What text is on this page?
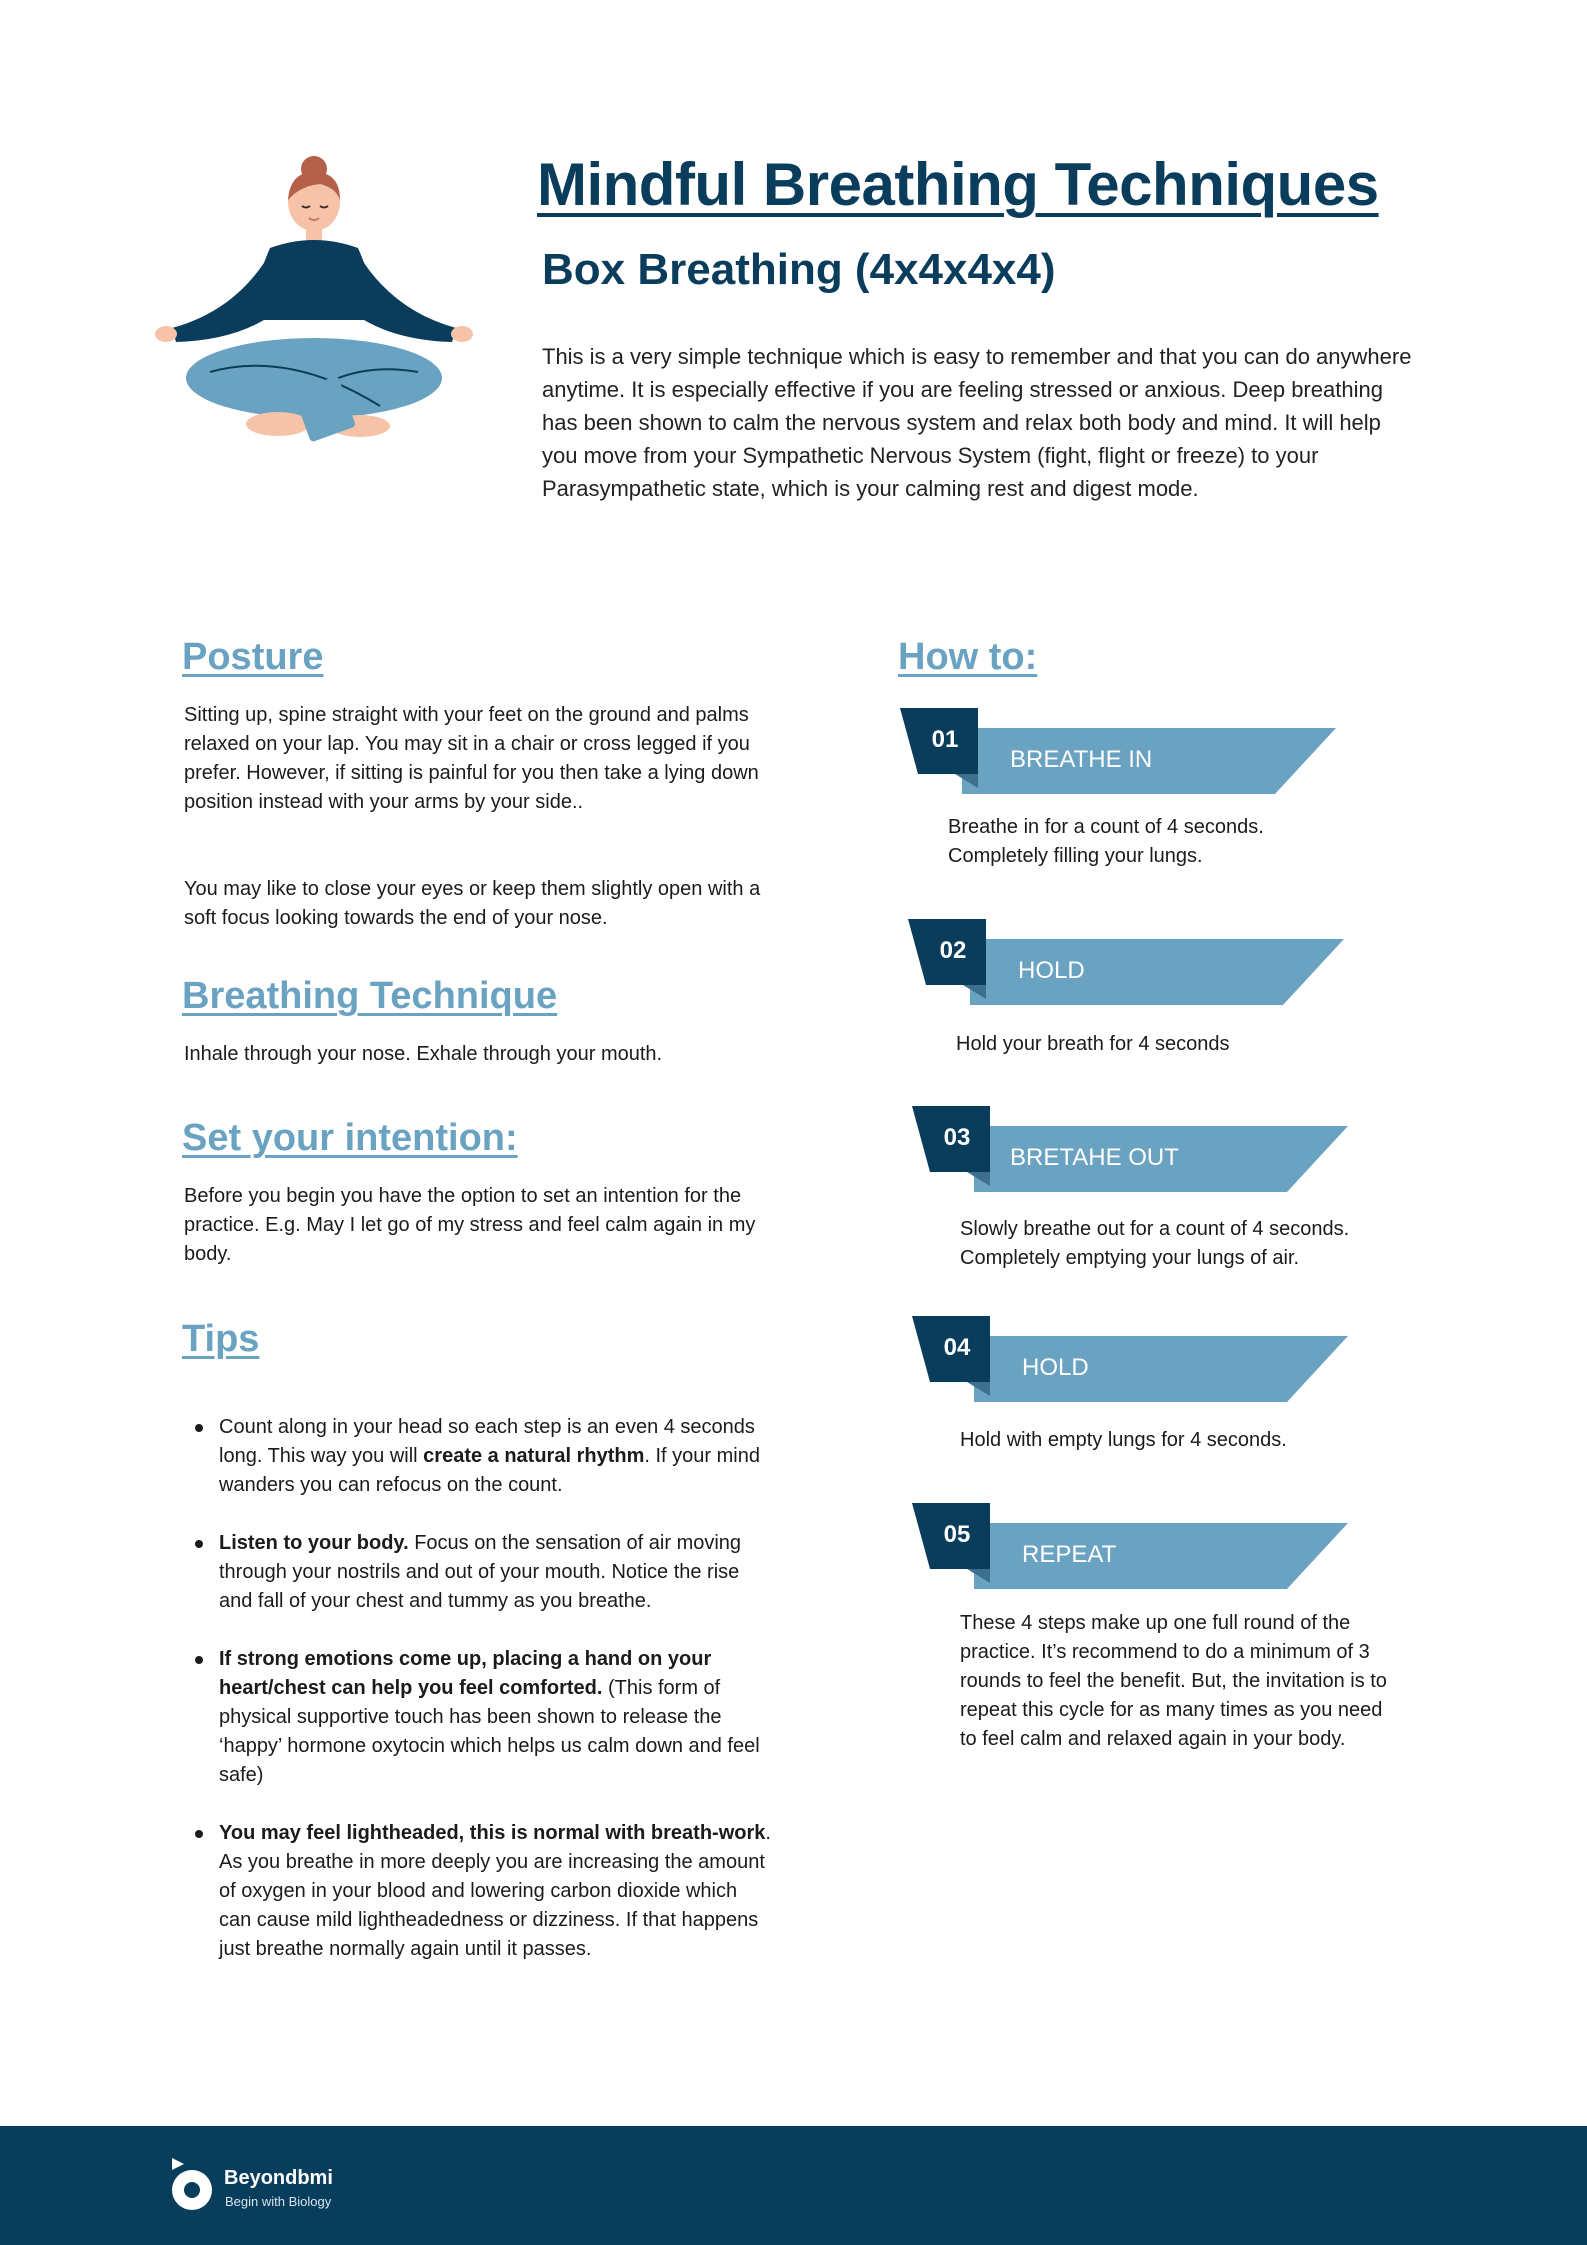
Mindful Breathing Techniques
Box Breathing (4x4x4x4)

This is a very simple technique which is easy to remember and that you can do anywhere anytime. It is especially effective if you are feeling stressed or anxious. Deep breathing has been shown to calm the nervous system and relax both body and mind. It will help you move from your Sympathetic Nervous System (fight, flight or freeze) to your Parasympathetic state, which is your calming rest and digest mode.

Posture

Sitting up, spine straight with your feet on the ground and palms relaxed on your lap. You may sit in a chair or cross legged if you prefer. However, if sitting is painful for you then take a lying down position instead with your arms by your side..

You may like to close your eyes or keep them slightly open with a soft focus looking towards the end of your nose.

Breathing Technique

Inhale through your nose. Exhale through your mouth.

Set your intention:

Before you begin you have the option to set an intention for the practice. E.g. May I let go of my stress and feel calm again in my body.

Tips
Count along in your head so each step is an even 4 seconds long. This way you will create a natural rhythm. If your mind wanders you can refocus on the count.
Listen to your body. Focus on the sensation of air moving through your nostrils and out of your mouth. Notice the rise and fall of your chest and tummy as you breathe.
If strong emotions come up, placing a hand on your heart/chest can help you feel comforted. (This form of physical supportive touch has been shown to release the ‘happy’ hormone oxytocin which helps us calm down and feel safe)
You may feel lightheaded, this is normal with breath-work. As you breathe in more deeply you are increasing the amount of oxygen in your blood and lowering carbon dioxide which can cause mild lightheadedness or dizziness. If that happens just breathe normally again until it passes.
How to:
01
BREATHE IN

Breathe in for a count of 4 seconds. Completely filling your lungs.

02
HOLD

Hold your breath for 4 seconds

03
BRETAHE OUT

Slowly breathe out for a count of 4 seconds. Completely emptying your lungs of air.

04
HOLD

Hold with empty lungs for 4 seconds.

05
REPEAT

These 4 steps make up one full round of the practice. It’s recommend to do a minimum of 3 rounds to feel the benefit. But, the invitation is to repeat this cycle for as many times as you need to feel calm and relaxed again in your body.

Beyondbmi
Begin with Biology
